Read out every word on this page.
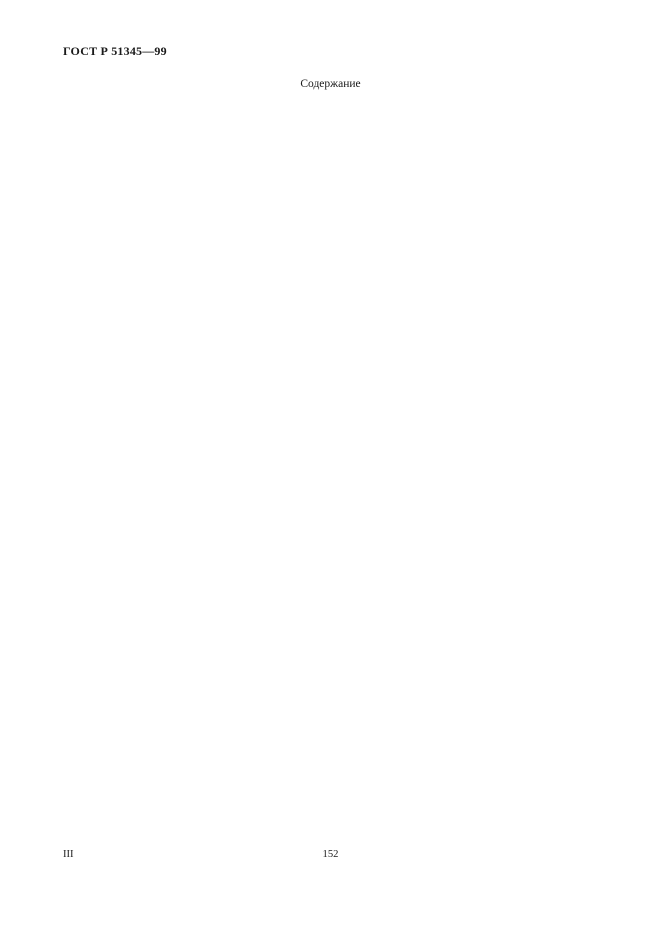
ГОСТ Р 51345—99
Содержание
III	152
